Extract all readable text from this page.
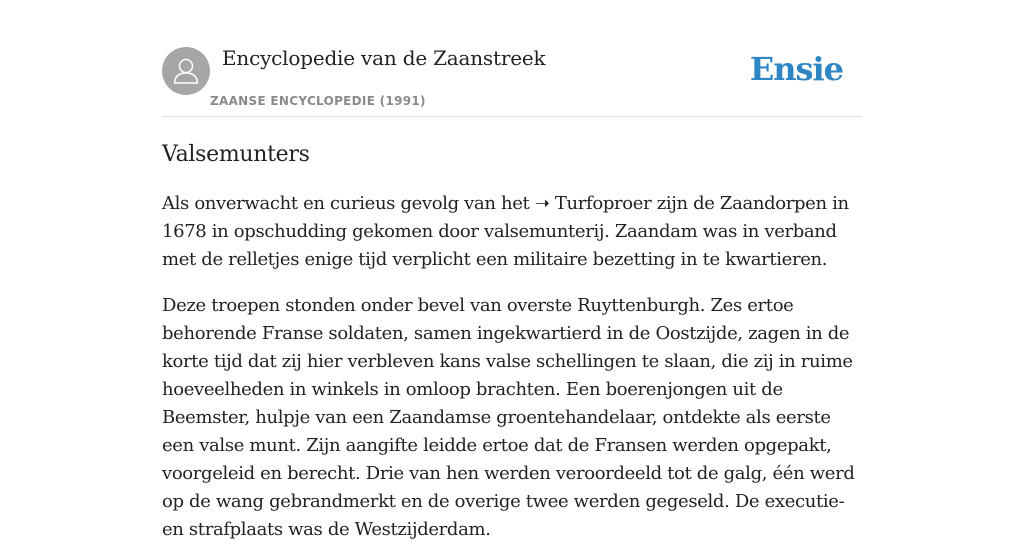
Encyclopedie van de Zaanstreek
ZAANSE ENCYCLOPEDIE (1991)
Ensie
Valsemunters

Als onverwacht en curieus gevolg van het ➝ Turfoproer zijn de Zaandorpen in 1678 in opschudding gekomen door valsemunterij. Zaandam was in verband met de relletjes enige tijd verplicht een militaire bezetting in te kwartieren.

Deze troepen stonden onder bevel van overste Ruyttenburgh. Zes ertoe behorende Franse soldaten, samen ingekwartierd in de Oostzijde, zagen in de korte tijd dat zij hier verbleven kans valse schellingen te slaan, die zij in ruime hoeveelheden in winkels in omloop brachten. Een boerenjongen uit de Beemster, hulpje van een Zaandamse groentehandelaar, ontdekte als eerste een valse munt. Zijn aangifte leidde ertoe dat de Fransen werden opgepakt, voorgeleid en berecht. Drie van hen werden veroordeeld tot de galg, één werd op de wang gebrandmerkt en de overige twee werden gegeseld. De executie- en strafplaats was de Westzijderdam.
